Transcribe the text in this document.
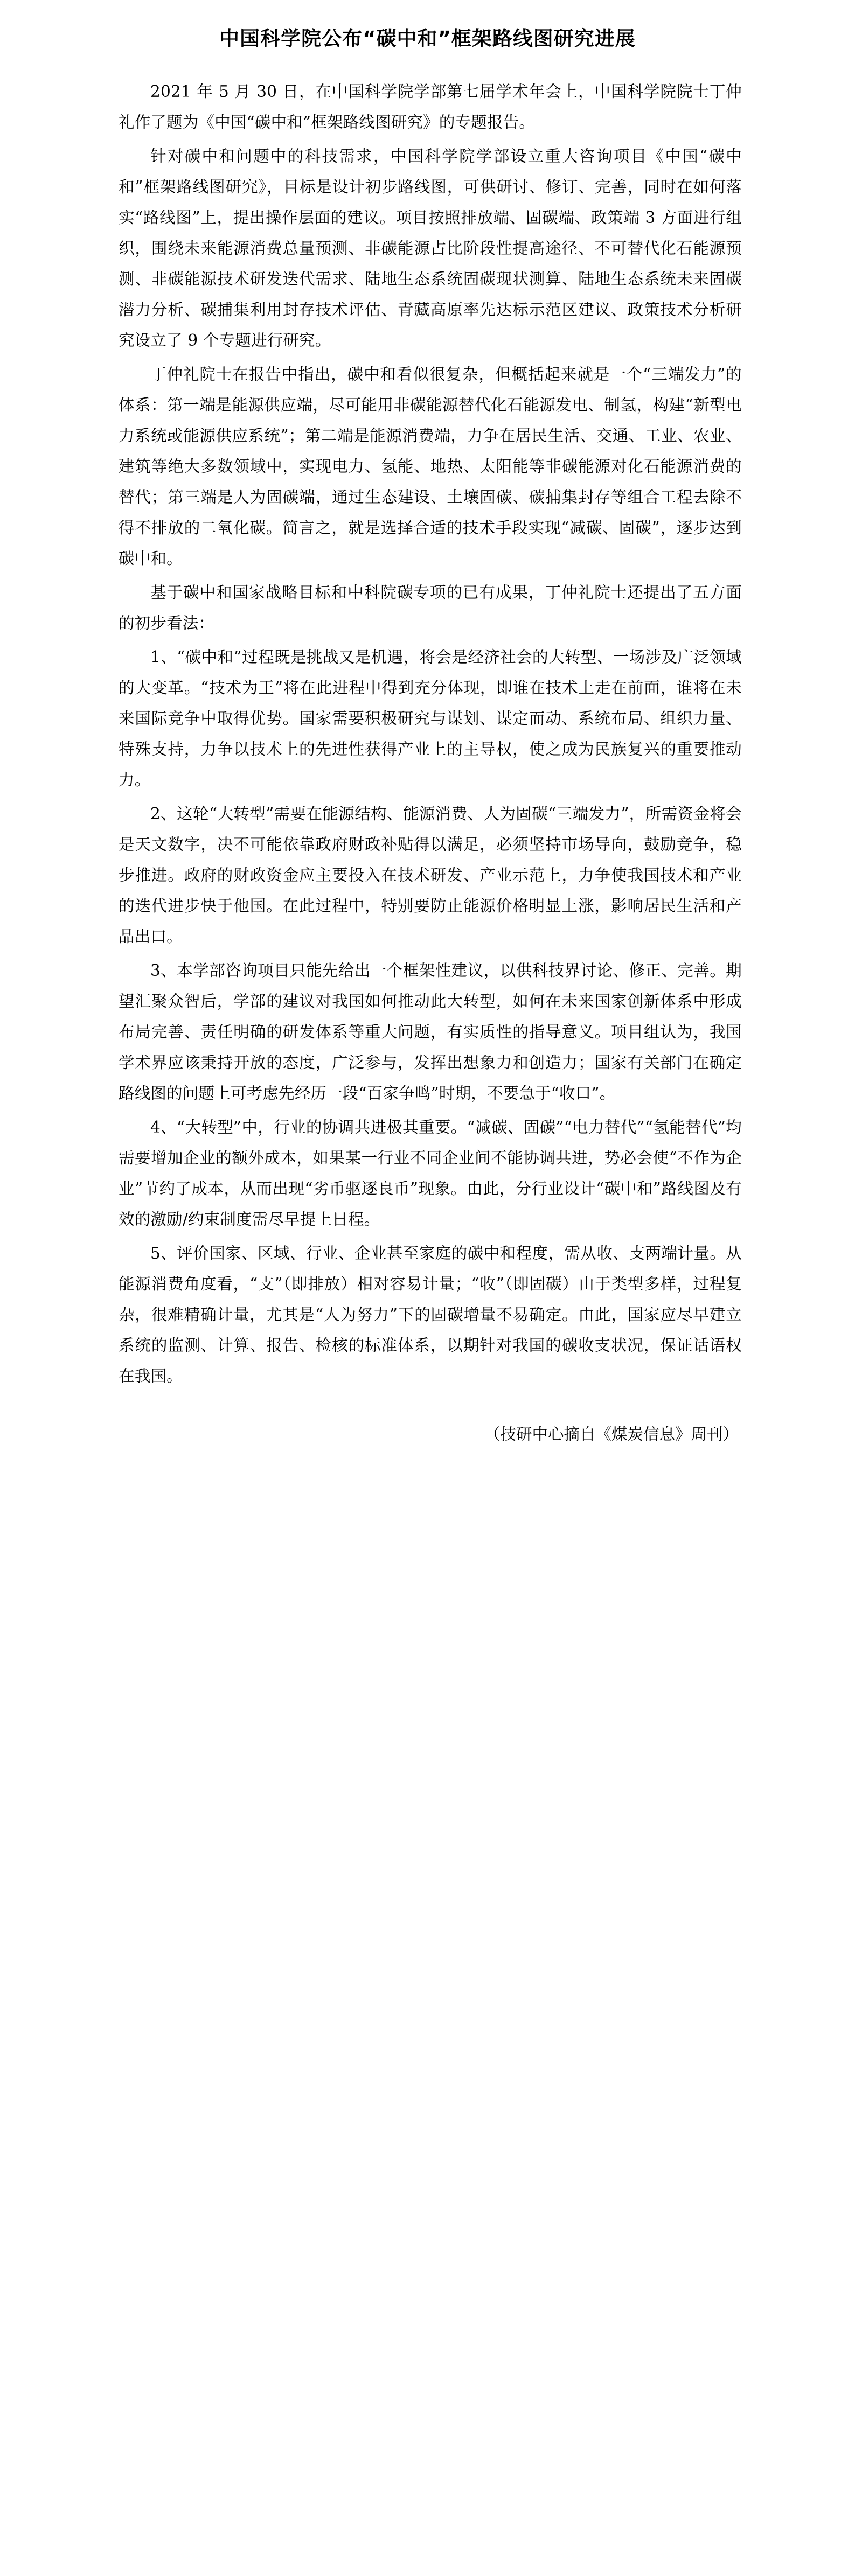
中国科学院公布“碳中和”框架路线图研究进展

2021 年 5 月 30 日，在中国科学院学部第七届学术年会上，中国科学院院士丁仲礼作了题为《中国“碳中和”框架路线图研究》的专题报告。

针对碳中和问题中的科技需求，中国科学院学部设立重大咨询项目《中国“碳中和”框架路线图研究》，目标是设计初步路线图，可供研讨、修订、完善，同时在如何落实“路线图”上，提出操作层面的建议。项目按照排放端、固碳端、政策端 3 方面进行组织，围绕未来能源消费总量预测、非碳能源占比阶段性提高途径、不可替代化石能源预测、非碳能源技术研发迭代需求、陆地生态系统固碳现状测算、陆地生态系统未来固碳潜力分析、碳捕集利用封存技术评估、青藏高原率先达标示范区建议、政策技术分析研究设立了 9 个专题进行研究。

丁仲礼院士在报告中指出，碳中和看似很复杂，但概括起来就是一个“三端发力”的体系：第一端是能源供应端，尽可能用非碳能源替代化石能源发电、制氢，构建“新型电力系统或能源供应系统”；第二端是能源消费端，力争在居民生活、交通、工业、农业、建筑等绝大多数领域中，实现电力、氢能、地热、太阳能等非碳能源对化石能源消费的替代；第三端是人为固碳端，通过生态建设、土壤固碳、碳捕集封存等组合工程去除不得不排放的二氧化碳。简言之，就是选择合适的技术手段实现“减碳、固碳”，逐步达到碳中和。

基于碳中和国家战略目标和中科院碳专项的已有成果，丁仲礼院士还提出了五方面的初步看法：

1、“碳中和”过程既是挑战又是机遇，将会是经济社会的大转型、一场涉及广泛领域的大变革。“技术为王”将在此进程中得到充分体现，即谁在技术上走在前面，谁将在未来国际竞争中取得优势。国家需要积极研究与谋划、谋定而动、系统布局、组织力量、特殊支持，力争以技术上的先进性获得产业上的主导权，使之成为民族复兴的重要推动力。

2、这轮“大转型”需要在能源结构、能源消费、人为固碳“三端发力”，所需资金将会是天文数字，决不可能依靠政府财政补贴得以满足，必须坚持市场导向，鼓励竞争，稳步推进。政府的财政资金应主要投入在技术研发、产业示范上，力争使我国技术和产业的迭代进步快于他国。在此过程中，特别要防止能源价格明显上涨，影响居民生活和产品出口。

3、本学部咨询项目只能先给出一个框架性建议，以供科技界讨论、修正、完善。期望汇聚众智后，学部的建议对我国如何推动此大转型，如何在未来国家创新体系中形成布局完善、责任明确的研发体系等重大问题，有实质性的指导意义。项目组认为，我国学术界应该秉持开放的态度，广泛参与，发挥出想象力和创造力；国家有关部门在确定路线图的问题上可考虑先经历一段“百家争鸣”时期，不要急于“收口”。

4、“大转型”中，行业的协调共进极其重要。“减碳、固碳”“电力替代”“氢能替代”均需要增加企业的额外成本，如果某一行业不同企业间不能协调共进，势必会使“不作为企业”节约了成本，从而出现“劣币驱逐良币”现象。由此，分行业设计“碳中和”路线图及有效的激励/约束制度需尽早提上日程。

5、评价国家、区域、行业、企业甚至家庭的碳中和程度，需从收、支两端计量。从能源消费角度看，“支”（即排放）相对容易计量；“收”（即固碳）由于类型多样，过程复杂，很难精确计量，尤其是“人为努力”下的固碳增量不易确定。由此，国家应尽早建立系统的监测、计算、报告、检核的标准体系，以期针对我国的碳收支状况，保证话语权在我国。

（技研中心摘自《煤炭信息》周刊）
